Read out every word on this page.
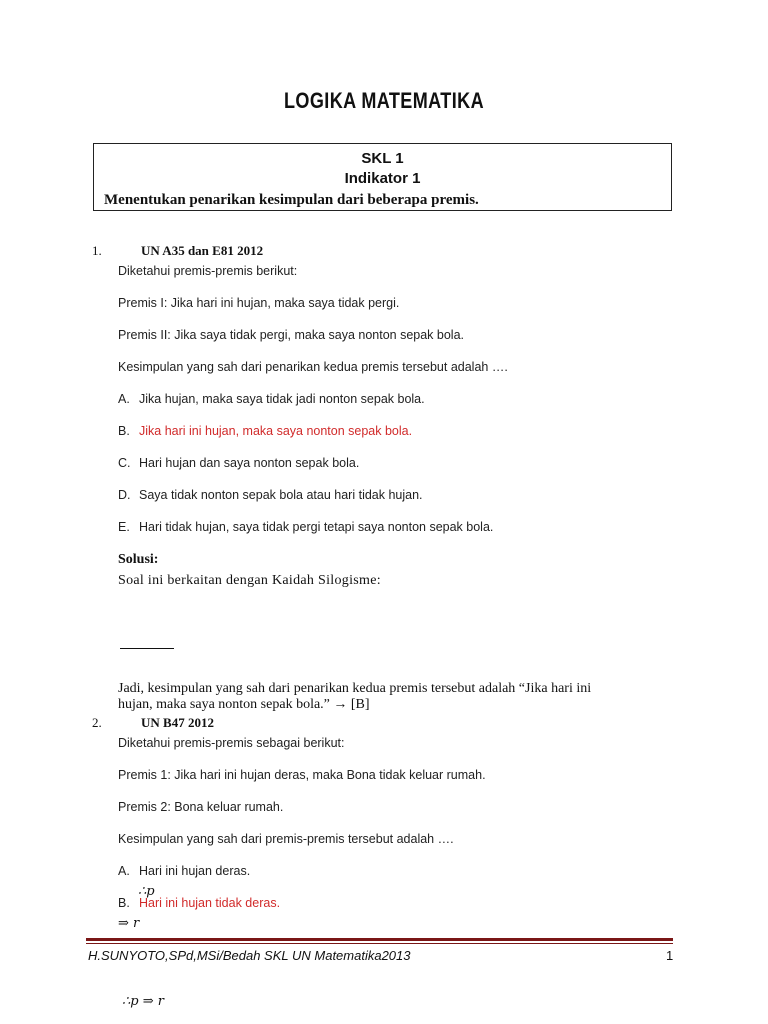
LOGIKA MATEMATIKA
SKL 1
Indikator 1
Menentukan penarikan kesimpulan dari beberapa premis.
1.	UN A35 dan E81 2012
Diketahui premis-premis berikut:
Premis I: Jika hari ini hujan, maka saya tidak pergi.
Premis II: Jika saya tidak pergi, maka saya nonton sepak bola.
Kesimpulan yang sah dari penarikan kedua premis tersebut adalah ….
A. Jika hujan, maka saya tidak jadi nonton sepak bola.
B. Jika hari ini hujan, maka saya nonton sepak bola.
C. Hari hujan dan saya nonton sepak bola.
D. Saya tidak nonton sepak bola atau hari tidak hujan.
E. Hari tidak hujan, saya tidak pergi tetapi saya nonton sepak bola.
Solusi:
Soal ini berkaitan dengan Kaidah Silogisme:
Jadi, kesimpulan yang sah dari penarikan kedua premis tersebut adalah “Jika hari ini
hujan, maka saya nonton sepak bola.” → [B]
2.	UN B47 2012
Diketahui premis-premis sebagai berikut:
Premis 1: Jika hari ini hujan deras, maka Bona tidak keluar rumah.
Premis 2: Bona keluar rumah.
Kesimpulan yang sah dari premis-premis tersebut adalah ….
A. Hari ini hujan deras.
B. Hari ini hujan tidak deras.
∴p
⇒ r
H.SUNYOTO,SPd,MSi/Bedah SKL UN Matematika2013	1
∴p ⇒ r
